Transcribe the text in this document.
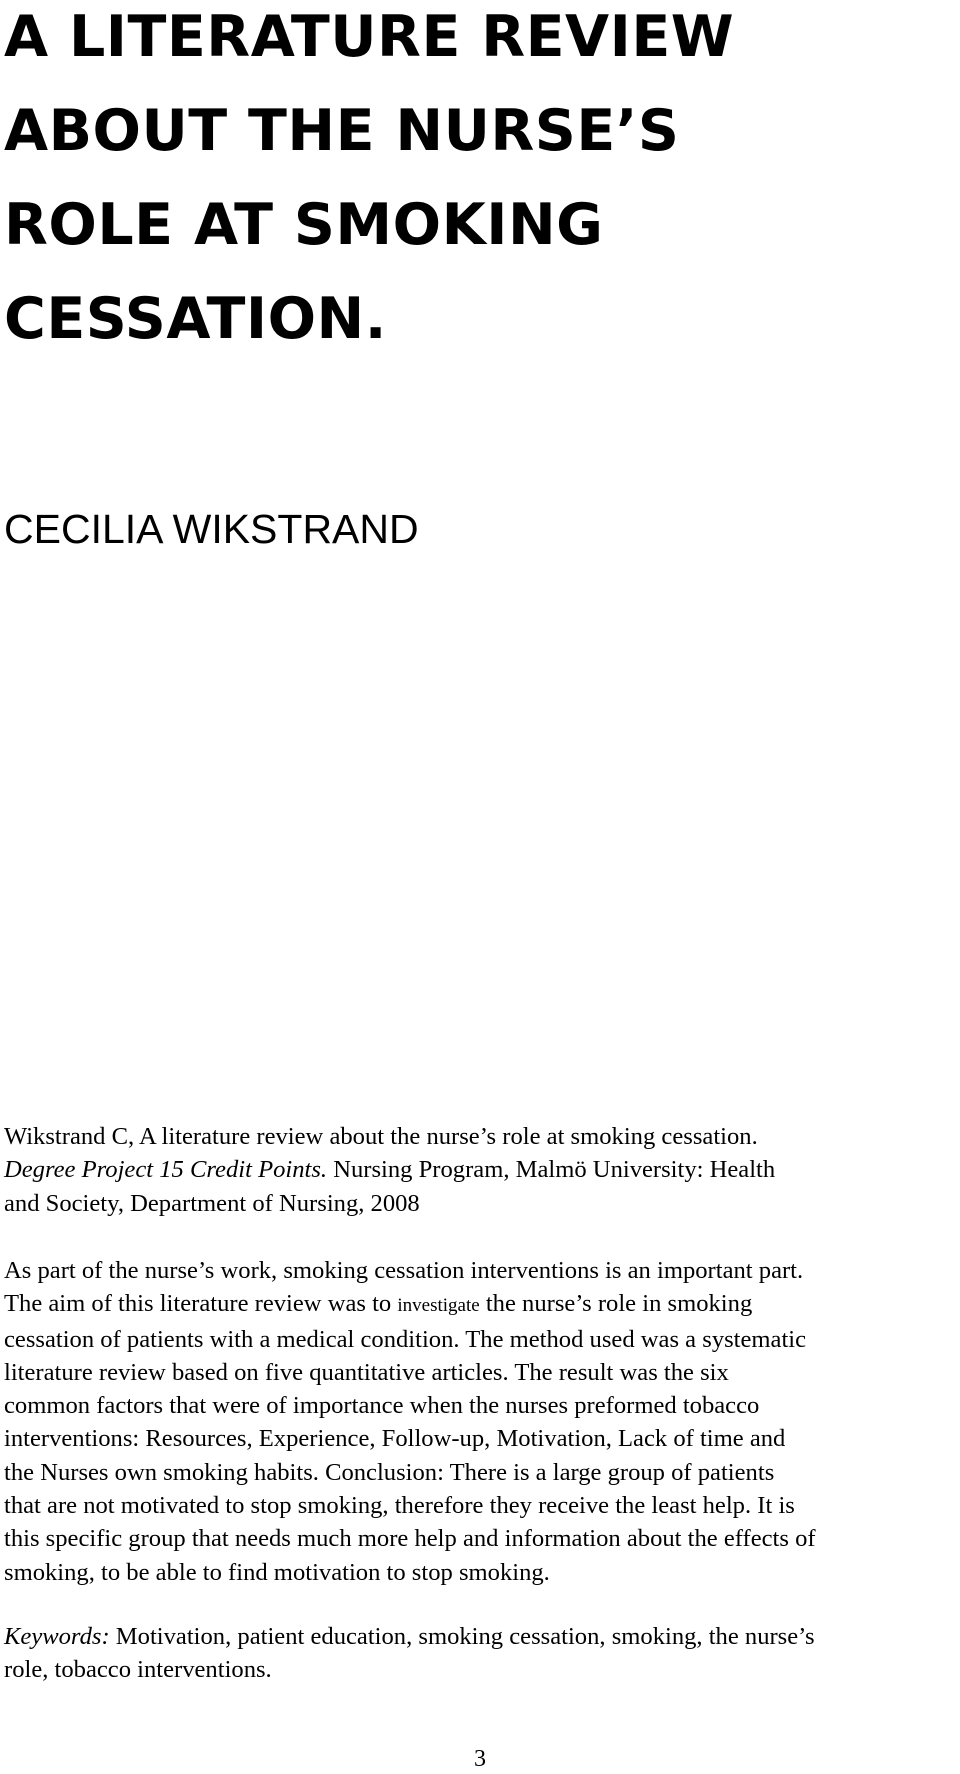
A LITERATURE REVIEW
ABOUT THE NURSE’S
ROLE AT SMOKING
CESSATION.
CECILIA WIKSTRAND

Wikstrand C, A literature review about the nurse’s role at smoking cessation.
Degree Project 15 Credit Points. Nursing Program, Malmö University: Health
and Society, Department of Nursing, 2008

As part of the nurse’s work, smoking cessation interventions is an important part.
The aim of this literature review was to investigate the nurse’s role in smoking
cessation of patients with a medical condition. The method used was a systematic
literature review based on five quantitative articles. The result was the six
common factors that were of importance when the nurses preformed tobacco
interventions: Resources, Experience, Follow-up, Motivation, Lack of time and
the Nurses own smoking habits. Conclusion: There is a large group of patients
that are not motivated to stop smoking, therefore they receive the least help. It is
this specific group that needs much more help and information about the effects of
smoking, to be able to find motivation to stop smoking.

Keywords: Motivation, patient education, smoking cessation, smoking, the nurse’s
role, tobacco interventions.

3
